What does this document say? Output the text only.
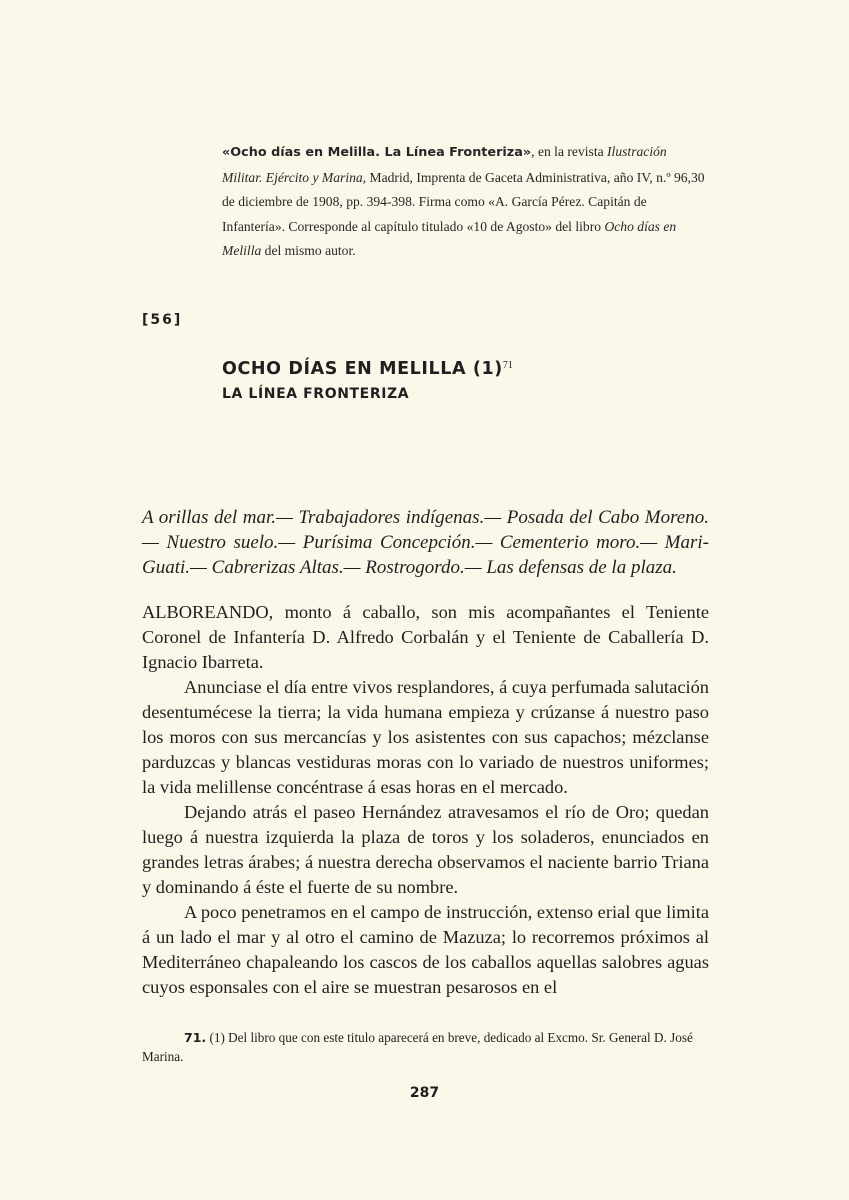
«Ocho días en Melilla. La Línea Fronteriza», en la revista Ilustración Militar. Ejército y Marina, Madrid, Imprenta de Gaceta Administrativa, año IV, n.º 96,30 de diciembre de 1908, pp. 394-398. Firma como «A. García Pérez. Capitán de Infantería». Corresponde al capítulo titulado «10 de Agosto» del libro Ocho días en Melilla del mismo autor.
[56]
OCHO DÍAS EN MELILLA $(1)^{71}$
LA LÍNEA FRONTERIZA
A orillas del mar.— Trabajadores indígenas.— Posada del Cabo Moreno.— Nuestro suelo.— Purísima Concepción.— Cementerio moro.— Mari-Guati.— Cabrerizas Altas.— Rostrogordo.— Las defensas de la plaza.

ALBOREANDO, monto á caballo, son mis acompañantes el Teniente Coronel de Infantería D. Alfredo Corbalán y el Teniente de Caballería D. Ignacio Ibarreta.

Anunciase el día entre vivos resplandores, á cuya perfumada salutación desentumécese la tierra; la vida humana empieza y crúzanse á nuestro paso los moros con sus mercancías y los asistentes con sus capachos; mézclanse parduzcas y blancas vestiduras moras con lo variado de nuestros uniformes; la vida melillense concéntrase á esas horas en el mercado.

Dejando atrás el paseo Hernández atravesamos el río de Oro; quedan luego á nuestra izquierda la plaza de toros y los soladeros, enunciados en grandes letras árabes; á nuestra derecha observamos el naciente barrio Triana y dominando á éste el fuerte de su nombre.

A poco penetramos en el campo de instrucción, extenso erial que limita á un lado el mar y al otro el camino de Mazuza; lo recorremos próximos al Mediterráneo chapaleando los cascos de los caballos aquellas salobres aguas cuyos esponsales con el aire se muestran pesarosos en el

71. (1) Del libro que con este titulo aparecerá en breve, dedicado al Excmo. Sr. General D. José Marina.
287
